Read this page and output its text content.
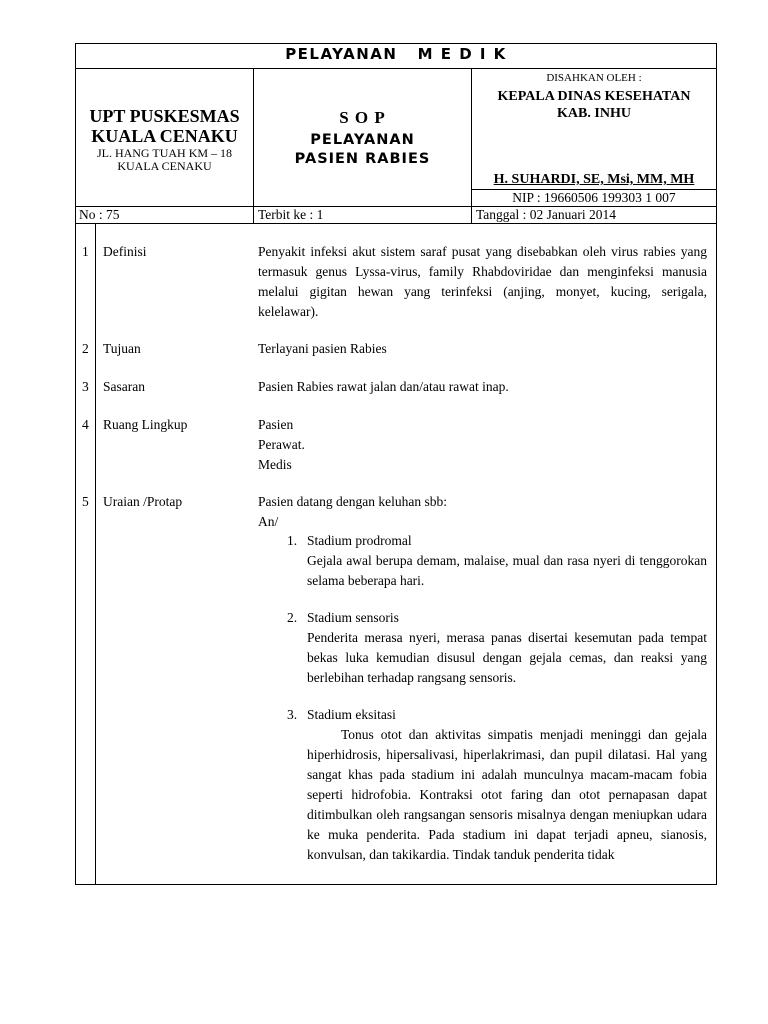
PELAYANAN   M E D I K
UPT PUSKESMAS
KUALA CENAKU
JL. HANG TUAH KM – 18
KUALA CENAKU
S O P
PELAYANAN
PASIEN RABIES
DISAHKAN OLEH :
KEPALA DINAS KESEHATAN
KAB. INHU
H. SUHARDI, SE, Msi, MM, MH
NIP : 19660506 199303 1 007
No : 75	Terbit ke : 1	Tanggal : 02 Januari 2014
1 Definisi
2 Tujuan
3 Sasaran
4 Ruang Lingkup
5 Uraian /Protap
Penyakit infeksi akut sistem saraf pusat yang disebabkan oleh virus rabies yang termasuk genus Lyssa-virus, family Rhabdoviridae dan menginfeksi manusia melalui gigitan hewan yang terinfeksi (anjing, monyet, kucing, serigala, kelelawar).
Terlayani pasien Rabies
Pasien Rabies rawat jalan dan/atau rawat inap.
Pasien
Perawat.
Medis
Pasien datang dengan keluhan sbb:
An/
1. Stadium prodromal
Gejala awal berupa demam, malaise, mual dan rasa nyeri di tenggorokan selama beberapa hari.
2. Stadium sensoris
Penderita merasa nyeri, merasa panas disertai kesemutan pada tempat bekas luka kemudian disusul dengan gejala cemas, dan reaksi yang berlebihan terhadap rangsang sensoris.
3. Stadium eksitasi
Tonus otot dan aktivitas simpatis menjadi meninggi dan gejala hiperhidrosis, hipersalivasi, hiperlakrimasi, dan pupil dilatasi. Hal yang sangat khas pada stadium ini adalah munculnya macam-macam fobia seperti hidrofobia. Kontraksi otot faring dan otot pernapasan dapat ditimbulkan oleh rangsangan sensoris misalnya dengan meniupkan udara ke muka penderita. Pada stadium ini dapat terjadi apneu, sianosis, konvulsan, dan takikardia. Tindak tanduk penderita tidak
